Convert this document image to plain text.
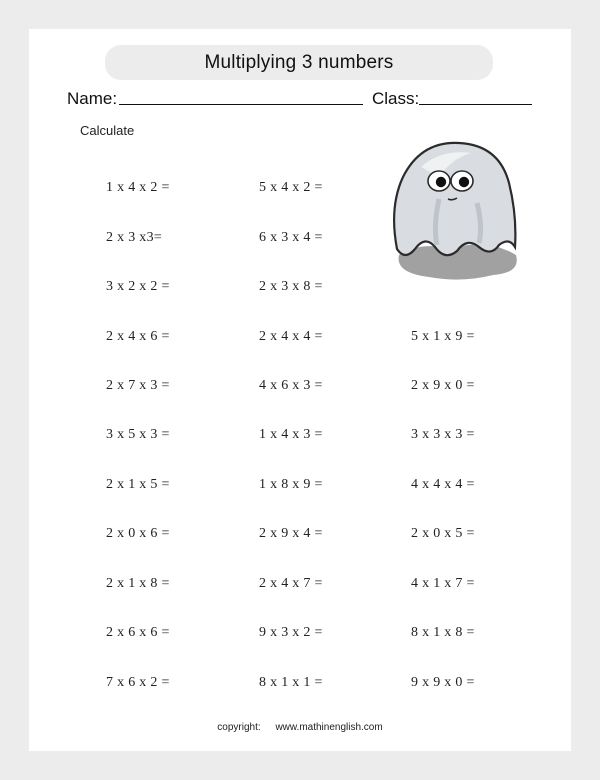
Multiplying 3 numbers
Name:	Class:
Calculate
1 x 4 x 2 =
2 x 3 x3=
3 x 2 x 2 =
2 x 4 x 6 =
2 x 7 x 3 =
3 x 5 x 3 =
2 x 1 x 5 =
2 x 0 x 6 =
2 x 1 x 8 =
2 x 6 x 6 =
7 x 6 x 2 =
5 x 4 x 2 =
6 x 3 x 4 =
2 x 3 x 8 =
2 x 4 x 4 =
4 x 6 x 3 =
1 x 4 x 3 =
1 x 8 x 9 =
2 x 9 x 4 =
2 x 4 x 7 =
9 x 3 x 2 =
8 x 1 x 1 =
5 x 1 x 9 =
2 x 9 x 0 =
3 x 3 x 3 =
4 x 4 x 4 =
2 x 0 x 5 =
4 x 1 x 7 =
8 x 1 x 8 =
9 x 9 x 0 =
copyright: www.mathinenglish.com
